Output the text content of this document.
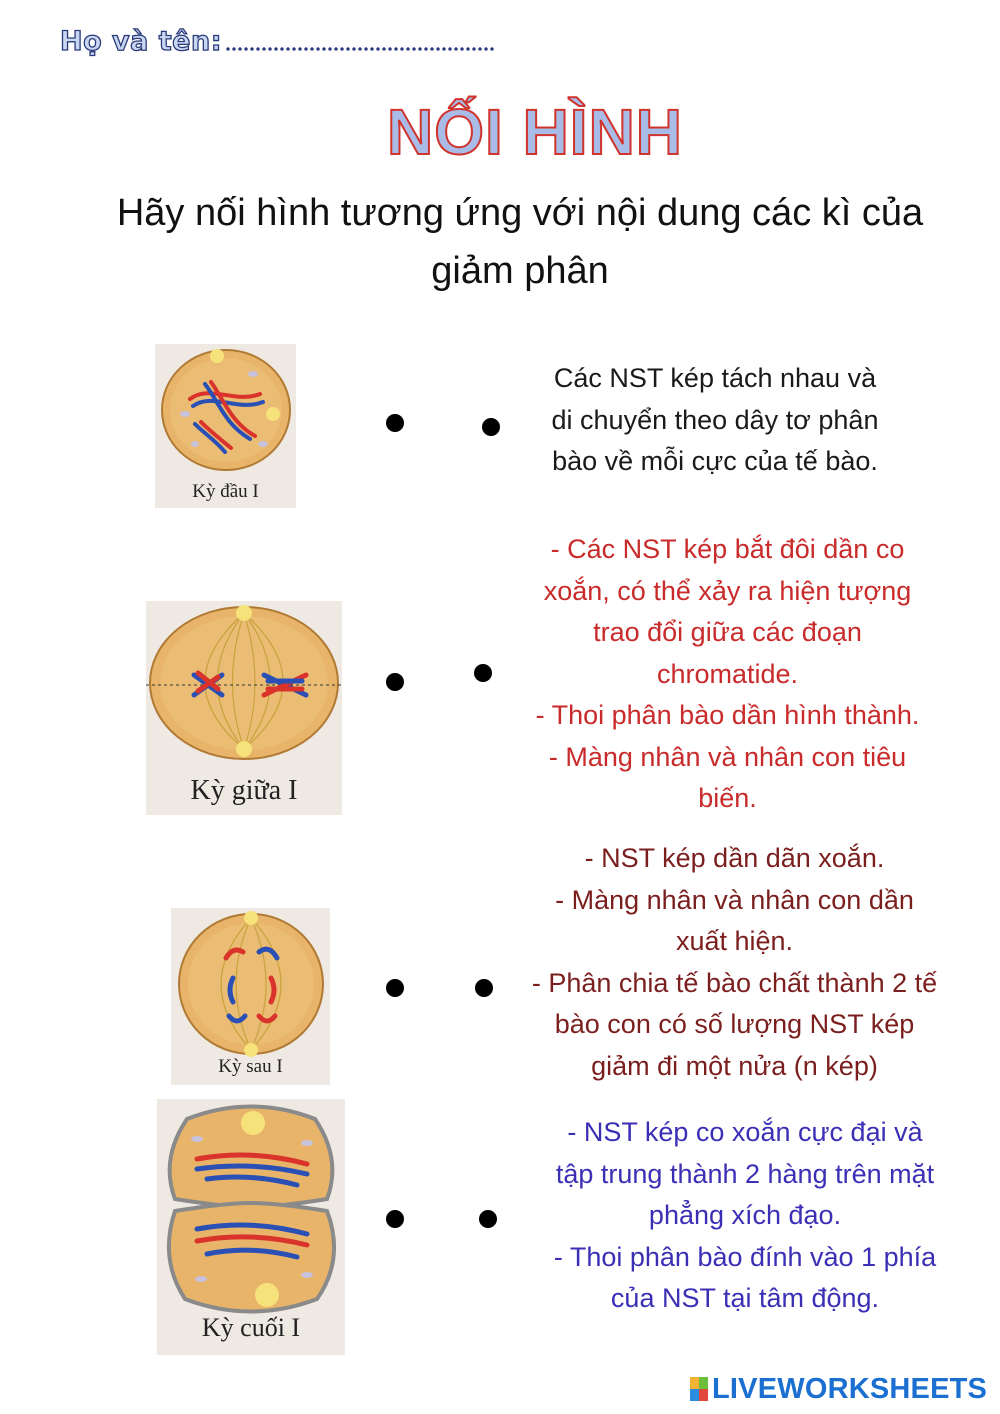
Họ và tên:
NỐI HÌNH
Hãy nối hình tương ứng với nội dung các kì của
giảm phân
Kỳ đầu I
Kỳ giữa I
Kỳ sau I
Kỳ cuối I
Các NST kép tách nhau và
di chuyển theo dây tơ phân
bào về mỗi cực của tế bào.
- Các NST kép bắt đôi dần co
xoắn, có thể xảy ra hiện tượng
trao đổi giữa các đoạn
chromatide.
- Thoi phân bào dần hình thành.
- Màng nhân và nhân con tiêu
biến.
- NST kép dần dãn xoắn.
- Màng nhân và nhân con dần
xuất hiện.
- Phân chia tế bào chất thành 2 tế
bào con có số lượng NST kép
giảm đi một nửa (n kép)
- NST kép co xoắn cực đại và
tập trung thành 2 hàng trên mặt
phẳng xích đạo.
- Thoi phân bào đính vào 1 phía
của NST tại tâm động.
LIVEWORKSHEETS
